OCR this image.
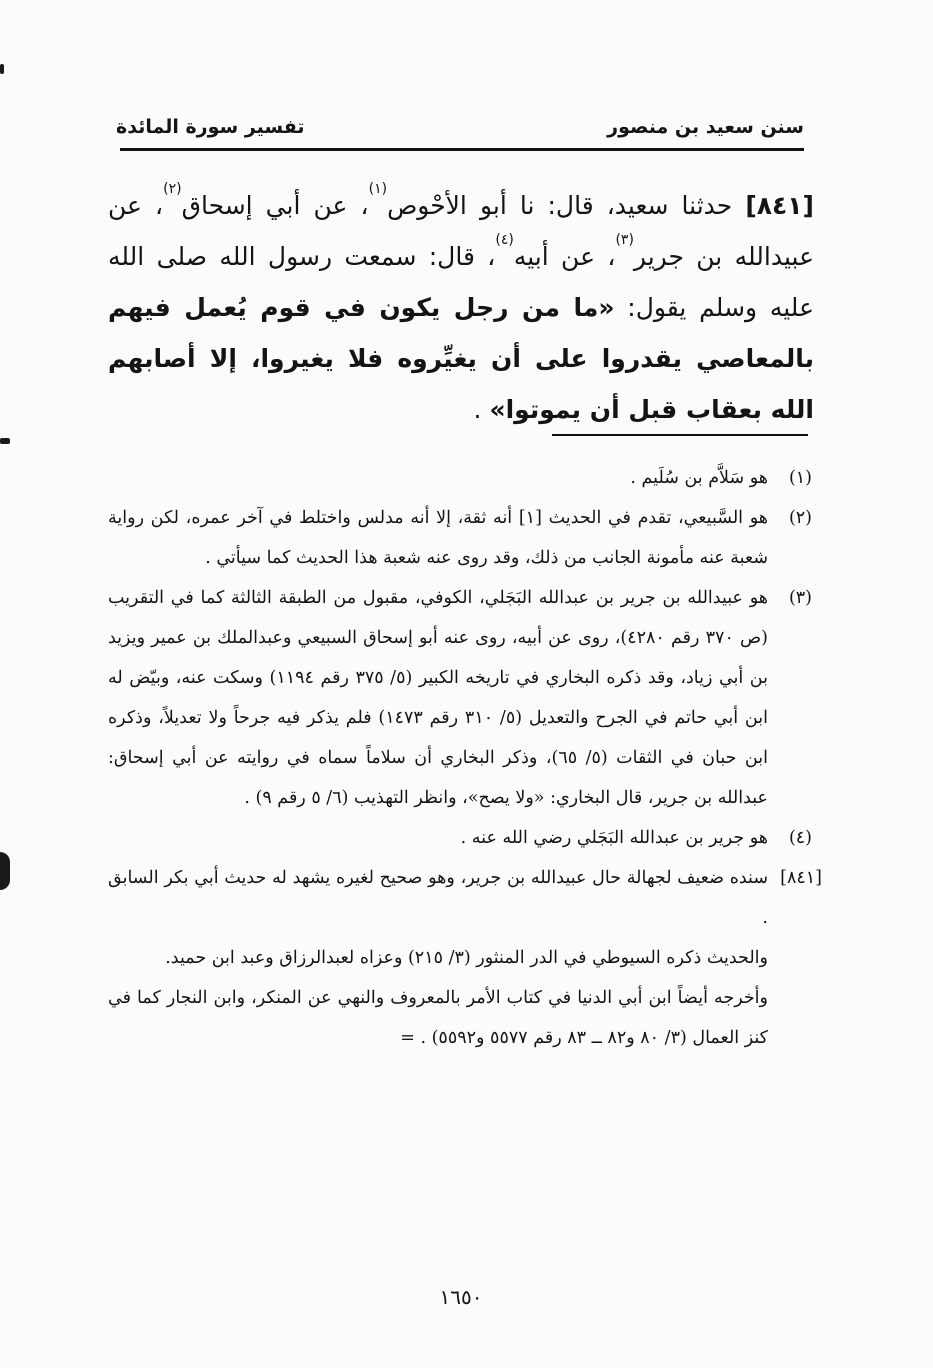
سنن سعيد بن منصور
تفسير سورة المائدة
[٨٤١] حدثنا سعيد، قال: نا أبو الأحْوص$^{(١)}$، عن أبي إسحاق$^{(٢)}$، عن عبيدالله بن جرير$^{(٣)}$، عن أبيه$^{(٤)}$، قال: سمعت رسول الله صلى الله عليه وسلم يقول: «ما من رجل يكون في قوم يُعمل فيهم بالمعاصي يقدروا على أن يغيِّروه فلا يغيروا، إلا أصابهم الله بعقاب قبل أن يموتوا» .
(١)
هو سَلاَّم بن سُلَيم .
(٢)
هو السَّبيعي، تقدم في الحديث [١] أنه ثقة، إلا أنه مدلس واختلط في آخر عمره، لكن رواية شعبة عنه مأمونة الجانب من ذلك، وقد روى عنه شعبة هذا الحديث كما سيأتي .
(٣)
هو عبيدالله بن جرير بن عبدالله البَجَلي، الكوفي، مقبول من الطبقة الثالثة كما في التقريب (ص ٣٧٠ رقم ٤٢٨٠)، روى عن أبيه، روى عنه أبو إسحاق السبيعي وعبدالملك بن عمير ويزيد بن أبي زياد، وقد ذكره البخاري في تاريخه الكبير (٥/ ٣٧٥ رقم ١١٩٤) وسكت عنه، وبيّض له ابن أبي حاتم في الجرح والتعديل (٥/ ٣١٠ رقم ١٤٧٣) فلم يذكر فيه جرحاً ولا تعديلاً، وذكره ابن حبان في الثقات (٥/ ٦٥)، وذكر البخاري أن سلاماً سماه في روايته عن أبي إسحاق: عبدالله بن جرير، قال البخاري: «ولا يصح»، وانظر التهذيب (٦/ ٥ رقم ٩) .
(٤)
هو جرير بن عبدالله البَجَلي رضي الله عنه .
[٨٤١]
سنده ضعيف لجهالة حال عبيدالله بن جرير، وهو صحيح لغيره يشهد له حديث أبي بكر السابق .
والحديث ذكره السيوطي في الدر المنثور (٣/ ٢١٥) وعزاه لعبدالرزاق وعبد ابن حميد.
وأخرجه أيضاً ابن أبي الدنيا في كتاب الأمر بالمعروف والنهي عن المنكر، وابن النجار كما في كنز العمال (٣/ ٨٠ و٨٢ ــ ٨٣ رقم ٥٥٧٧ و٥٥٩٢) . =
١٦٥٠
